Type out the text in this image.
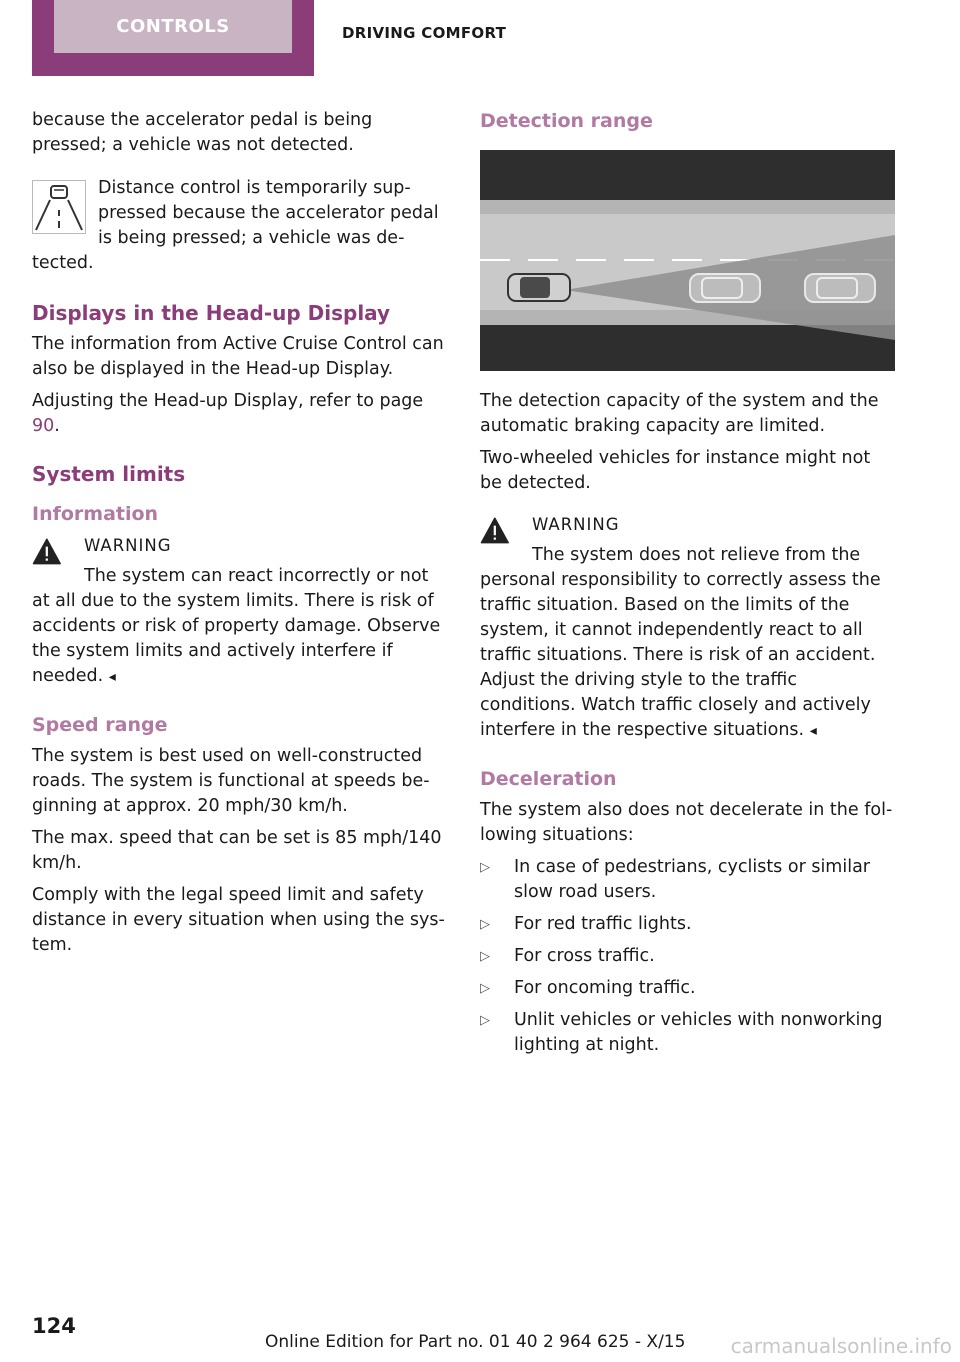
CONTROLS	DRIVING COMFORT

because the accelerator pedal is being pressed; a vehicle was not detected.

Distance control is temporarily suppressed because the accelerator pedal is being pressed; a vehicle was detected.

Displays in the Head-up Display

The information from Active Cruise Control can also be displayed in the Head-up Display.

Adjusting the Head-up Display, refer to page 90.

System limits
Information
WARNING

The system can react incorrectly or not at all due to the system limits. There is risk of accidents or risk of property damage. Observe the system limits and actively interfere if needed. ◂

Speed range

The system is best used on well-constructed roads. The system is functional at speeds beginning at approx. 20 mph/30 km/h.

The max. speed that can be set is 85 mph/140 km/h.

Comply with the legal speed limit and safety distance in every situation when using the system.

Detection range

The detection capacity of the system and the automatic braking capacity are limited.

Two-wheeled vehicles for instance might not be detected.

WARNING

The system does not relieve from the personal responsibility to correctly assess the traffic situation. Based on the limits of the system, it cannot independently react to all traffic situations. There is risk of an accident. Adjust the driving style to the traffic conditions. Watch traffic closely and actively interfere in the respective situations. ◂

Deceleration

The system also does not decelerate in the following situations:

▷ In case of pedestrians, cyclists or similar slow road users.
▷ For red traffic lights.
▷ For cross traffic.
▷ For oncoming traffic.
▷ Unlit vehicles or vehicles with nonworking lighting at night.
124
Online Edition for Part no. 01 40 2 964 625 - X/15 carmanualsonline.info
